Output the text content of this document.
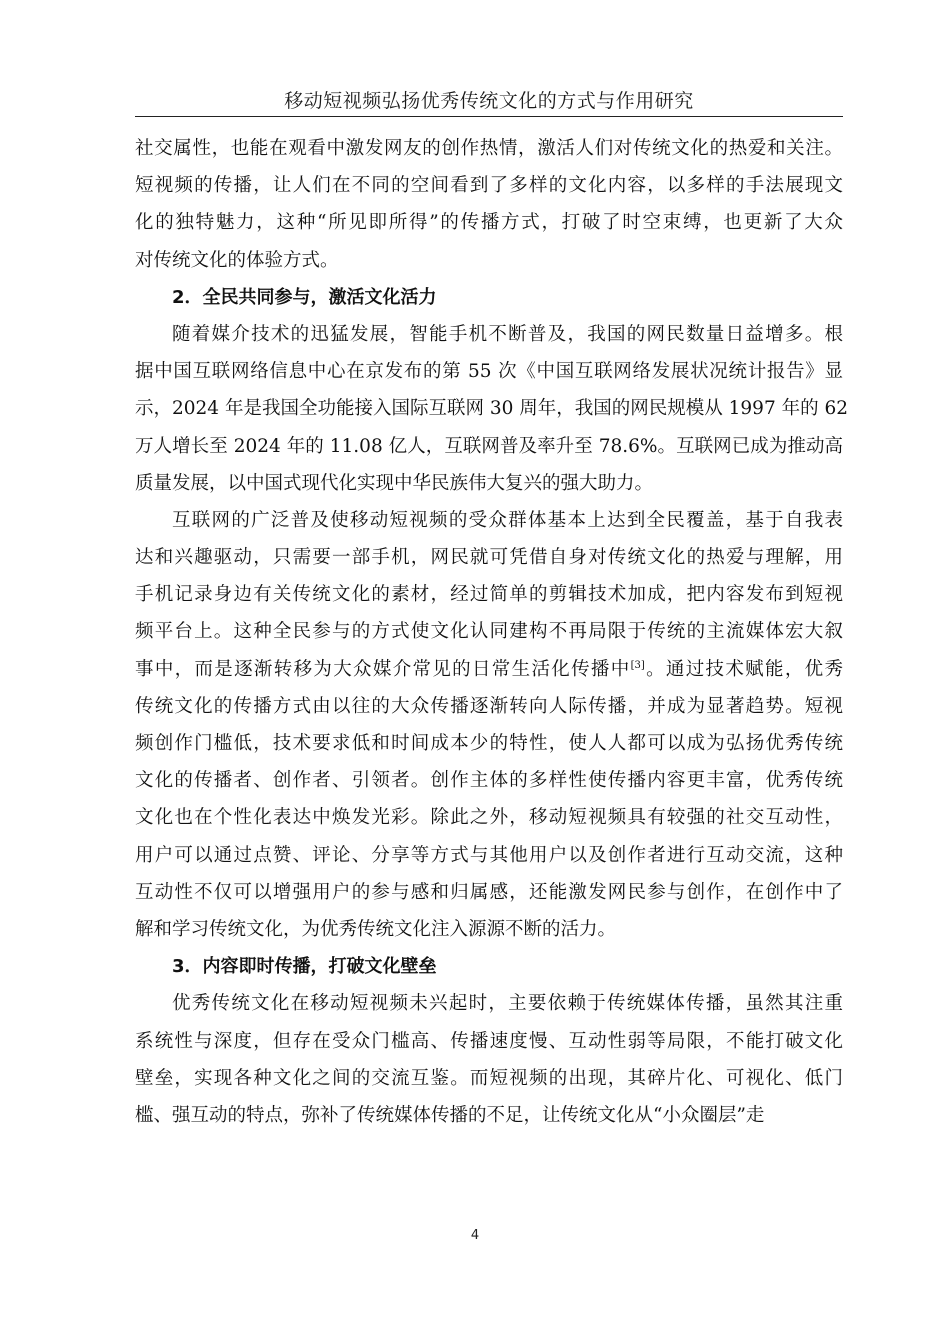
移动短视频弘扬优秀传统文化的方式与作用研究
社交属性，也能在观看中激发网友的创作热情，激活人们对传统文化的热爱和关注。
短视频的传播，让人们在不同的空间看到了多样的文化内容，以多样的手法展现文
化的独特魅力，这种“所见即所得”的传播方式，打破了时空束缚，也更新了大众
对传统文化的体验方式。
2．全民共同参与，激活文化活力
随着媒介技术的迅猛发展，智能手机不断普及，我国的网民数量日益增多。根
据中国互联网络信息中心在京发布的第 55 次《中国互联网络发展状况统计报告》显
示，2024 年是我国全功能接入国际互联网 30 周年，我国的网民规模从 1997 年的 62
万人增长至 2024 年的 11.08 亿人，互联网普及率升至 78.6%。互联网已成为推动高
质量发展，以中国式现代化实现中华民族伟大复兴的强大助力。
互联网的广泛普及使移动短视频的受众群体基本上达到全民覆盖，基于自我表
达和兴趣驱动，只需要一部手机，网民就可凭借自身对传统文化的热爱与理解，用
手机记录身边有关传统文化的素材，经过简单的剪辑技术加成，把内容发布到短视
频平台上。这种全民参与的方式使文化认同建构不再局限于传统的主流媒体宏大叙
事中，而是逐渐转移为大众媒介常见的日常生活化传播中[3]。通过技术赋能，优秀
传统文化的传播方式由以往的大众传播逐渐转向人际传播，并成为显著趋势。短视
频创作门槛低，技术要求低和时间成本少的特性，使人人都可以成为弘扬优秀传统
文化的传播者、创作者、引领者。创作主体的多样性使传播内容更丰富，优秀传统
文化也在个性化表达中焕发光彩。除此之外，移动短视频具有较强的社交互动性，
用户可以通过点赞、评论、分享等方式与其他用户以及创作者进行互动交流，这种
互动性不仅可以增强用户的参与感和归属感，还能激发网民参与创作，在创作中了
解和学习传统文化，为优秀传统文化注入源源不断的活力。
3．内容即时传播，打破文化壁垒
优秀传统文化在移动短视频未兴起时，主要依赖于传统媒体传播，虽然其注重
系统性与深度，但存在受众门槛高、传播速度慢、互动性弱等局限，不能打破文化
壁垒，实现各种文化之间的交流互鉴。而短视频的出现，其碎片化、可视化、低门
槛、强互动的特点，弥补了传统媒体传播的不足，让传统文化从“小众圈层”走
4
